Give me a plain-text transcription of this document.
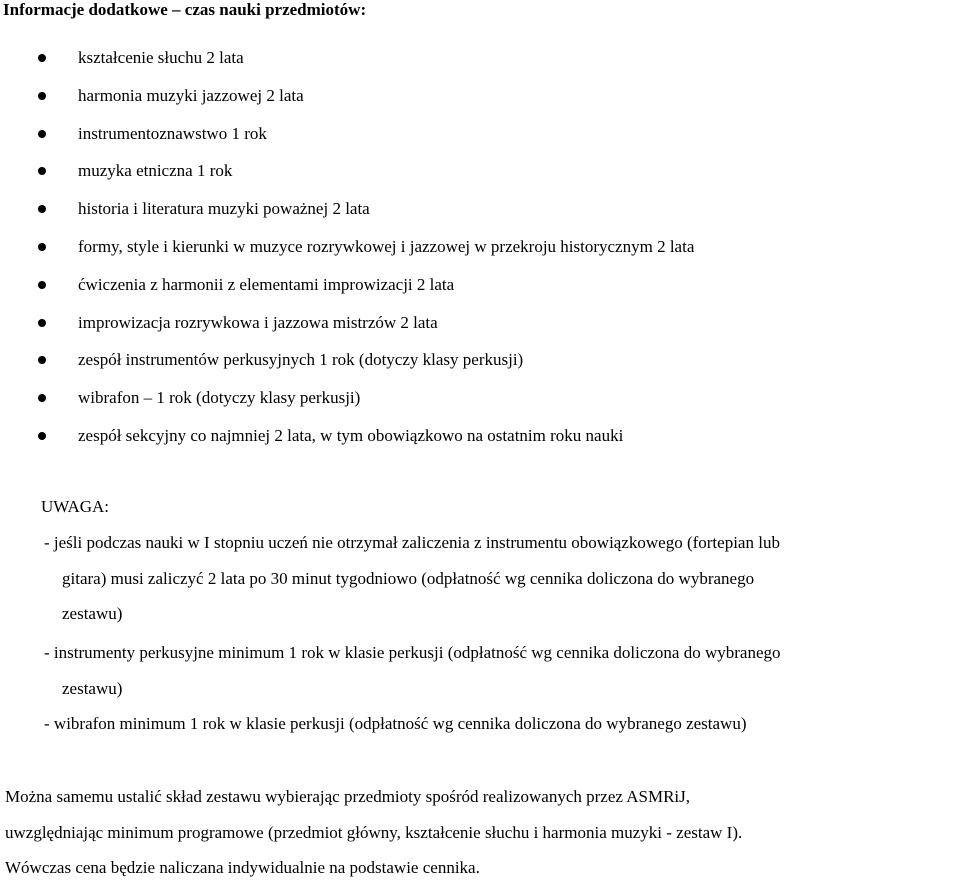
Informacje dodatkowe – czas nauki przedmiotów:
kształcenie słuchu 2 lata
harmonia muzyki jazzowej 2 lata
instrumentoznawstwo 1 rok
muzyka etniczna 1 rok
historia i literatura muzyki poważnej 2 lata
formy, style i kierunki w muzyce rozrywkowej i jazzowej w przekroju historycznym 2 lata
ćwiczenia z harmonii z elementami improwizacji 2 lata
improwizacja rozrywkowa i jazzowa mistrzów 2 lata
zespół instrumentów perkusyjnych 1 rok (dotyczy klasy perkusji)
wibrafon – 1 rok (dotyczy klasy perkusji)
zespół sekcyjny co najmniej 2 lata, w tym obowiązkowo na ostatnim roku nauki
UWAGA:
- jeśli podczas nauki w I stopniu uczeń nie otrzymał zaliczenia z instrumentu obowiązkowego (fortepian lub
gitara) musi zaliczyć 2 lata po 30 minut tygodniowo (odpłatność wg cennika doliczona do wybranego
zestawu)
- instrumenty perkusyjne minimum 1 rok w klasie perkusji (odpłatność wg cennika doliczona do wybranego
zestawu)
- wibrafon minimum 1 rok w klasie perkusji (odpłatność wg cennika doliczona do wybranego zestawu)
Można samemu ustalić skład zestawu wybierając przedmioty spośród realizowanych przez ASMRiJ,
uwzględniając minimum programowe (przedmiot główny, kształcenie słuchu i harmonia muzyki - zestaw I).
Wówczas cena będzie naliczana indywidualnie na podstawie cennika.
